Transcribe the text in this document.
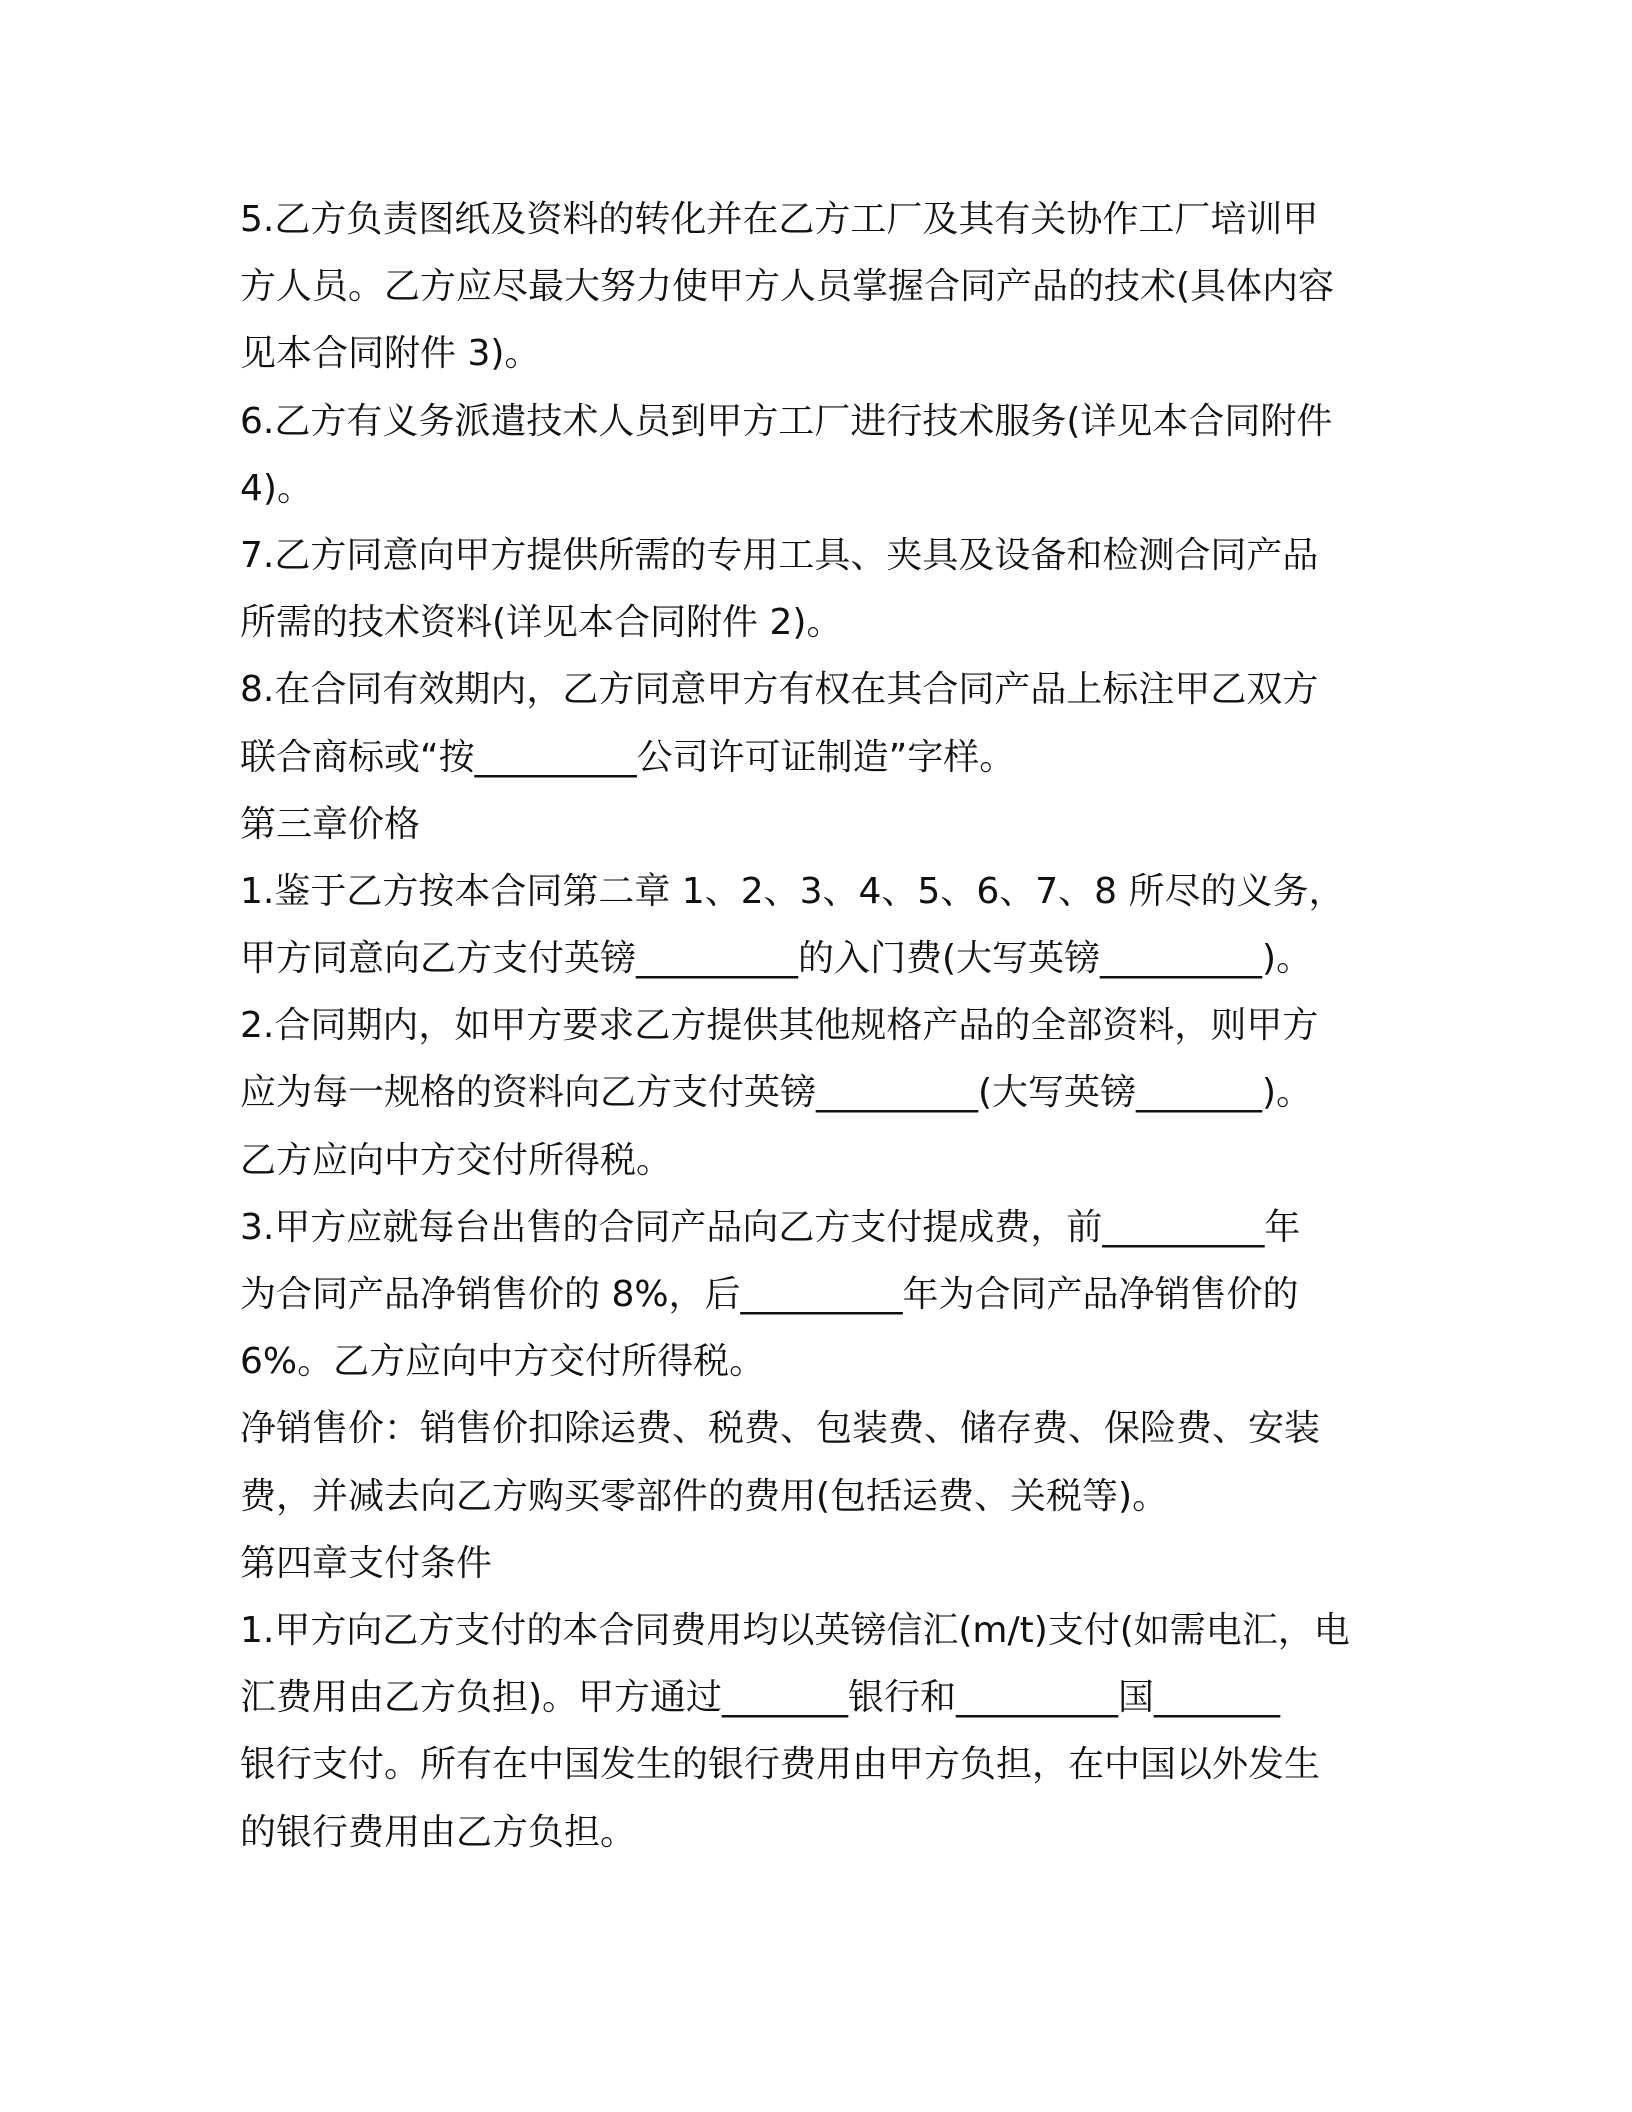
5.乙方负责图纸及资料的转化并在乙方工厂及其有关协作工厂培训甲
方人员。乙方应尽最大努力使甲方人员掌握合同产品的技术(具体内容
见本合同附件 3)。
6.乙方有义务派遣技术人员到甲方工厂进行技术服务(详见本合同附件
4)。
7.乙方同意向甲方提供所需的专用工具、夹具及设备和检测合同产品
所需的技术资料(详见本合同附件 2)。
8.在合同有效期内，乙方同意甲方有权在其合同产品上标注甲乙双方
联合商标或“按_________公司许可证制造”字样。
第三章价格
1.鉴于乙方按本合同第二章 1、2、3、4、5、6、7、8 所尽的义务，
甲方同意向乙方支付英镑_________的入门费(大写英镑_________)。
2.合同期内，如甲方要求乙方提供其他规格产品的全部资料，则甲方
应为每一规格的资料向乙方支付英镑_________(大写英镑_______)。
乙方应向中方交付所得税。
3.甲方应就每台出售的合同产品向乙方支付提成费，前_________年
为合同产品净销售价的 8%，后_________年为合同产品净销售价的
6%。乙方应向中方交付所得税。
净销售价：销售价扣除运费、税费、包装费、储存费、保险费、安装
费，并减去向乙方购买零部件的费用(包括运费、关税等)。
第四章支付条件
1.甲方向乙方支付的本合同费用均以英镑信汇(m/t)支付(如需电汇，电
汇费用由乙方负担)。甲方通过_______银行和_________国_______
银行支付。所有在中国发生的银行费用由甲方负担，在中国以外发生
的银行费用由乙方负担。
